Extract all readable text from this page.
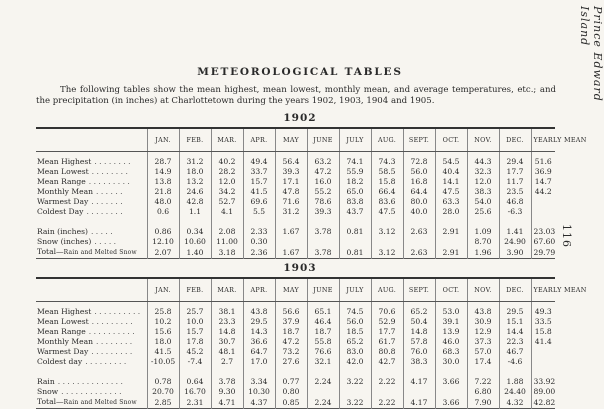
Prince Edward
Island
116
METEOROLOGICAL TABLES
The following tables show the mean highest, mean lowest, monthly mean, and average temperatures, etc.; and the precipitation (in inches) at Charlottetown during the years 1902, 1903, 1904 and 1905.
1902
	JAN.	FEB.	MAR.	APR.	MAY	JUNE	JULY	AUG.	SEPT.	OCT.	NOV.	DEC.	YEARLY MEAN

Mean Highest . . . . . . . .	28.7	31.2	40.2	49.4	56.4	63.2	74.1	74.3	72.8	54.5	44.3	29.4	51.6
Mean Lowest . . . . . . . .	14.9	18.0	28.2	33.7	39.3	47.2	55.9	58.5	56.0	40.4	32.3	17.7	36.9
Mean Range . . . . . . . . .	13.8	13.2	12.0	15.7	17.1	16.0	18.2	15.8	16.8	14.1	12.0	11.7	14.7
Monthly Mean . . . . . .	21.8	24.6	34.2	41.5	47.8	55.2	65.0	66.4	64.4	47.5	38.3	23.5	44.2
Warmest Day . . . . . . .	48.0	42.8	52.7	69.6	71.6	78.6	83.8	83.6	80.0	63.3	54.0	46.8	
Coldest Day . . . . . . . .	0.6	1.1	4.1	5.5	31.2	39.3	43.7	47.5	40.0	28.0	25.6	-6.3	

Rain (inches) . . . . .	0.86	0.34	2.08	2.33	1.67	3.78	0.81	3.12	2.63	2.91	1.09	1.41	23.03
Snow (inches) . . . . .	12.10	10.60	11.00	0.30							8.70	24.90	67.60
Total—Rain and Melted Snow	2.07	1.40	3.18	2.36	1.67	3.78	0.81	3.12	2.63	2.91	1.96	3.90	29.79
1903
	JAN.	FEB.	MAR.	APR.	MAY	JUNE	JULY	AUG.	SEPT.	OCT.	NOV.	DEC.	YEARLY MEAN

Mean Highest . . . . . . . . . .	25.8	25.7	38.1	43.8	56.6	65.1	74.5	70.6	65.2	53.0	43.8	29.5	49.3
Mean Lowest . . . . . . . . .	10.2	10.0	23.3	29.5	37.9	46.4	56.0	52.9	50.4	39.1	30.9	15.1	33.5
Mean Range . . . . . . . . . .	15.6	15.7	14.8	14.3	18.7	18.7	18.5	17.7	14.8	13.9	12.9	14.4	15.8
Monthly Mean . . . . . . . .	18.0	17.8	30.7	36.6	47.2	55.8	65.2	61.7	57.8	46.0	37.3	22.3	41.4
Warmest Day . . . . . . . . .	41.5	45.2	48.1	64.7	73.2	76.6	83.0	80.8	76.0	68.3	57.0	46.7	
Coldest day . . . . . . . . .	-10.05	-7.4	2.7	17.0	27.6	32.1	42.0	42.7	38.3	30.0	17.4	-4.6	

Rain . . . . . . . . . . . . . .	0.78	0.64	3.78	3.34	0.77	2.24	3.22	2.22	4.17	3.66	7.22	1.88	33.92
Snow . . . . . . . . . . . . .	20.70	16.70	9.30	10.30	0.80						6.80	24.40	89.00
Total—Rain and Melted Snow	2.85	2.31	4.71	4.37	0.85	2.24	3.22	2.22	4.17	3.66	7.90	4.32	42.82
